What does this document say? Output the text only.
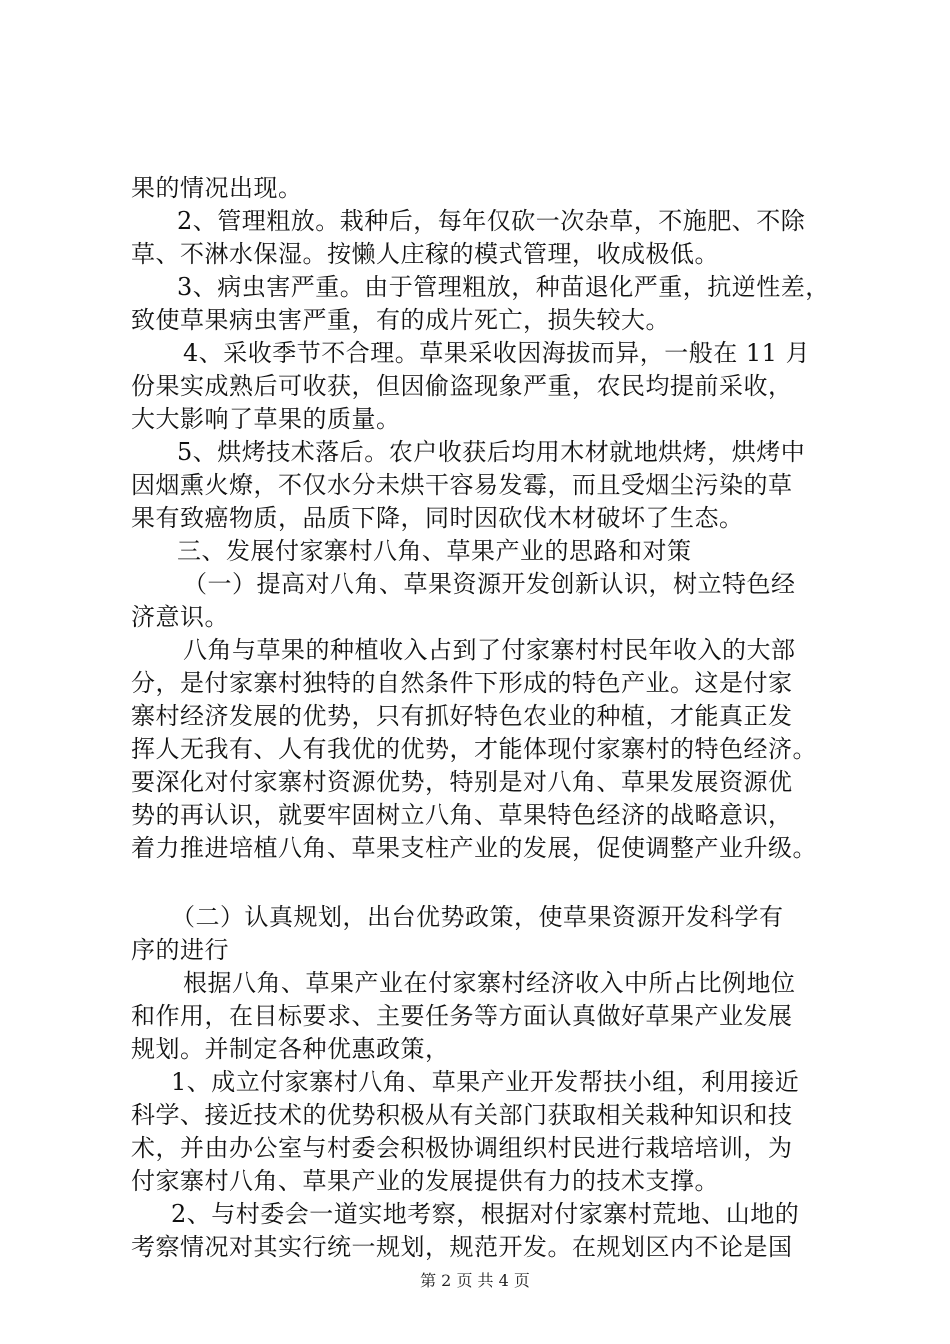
果的情况出现。
2、管理粗放。栽种后，每年仅砍一次杂草，不施肥、不除
草、不淋水保湿。按懒人庄稼的模式管理，收成极低。
3、病虫害严重。由于管理粗放，种苗退化严重，抗逆性差，
致使草果病虫害严重，有的成片死亡，损失较大。
4、采收季节不合理。草果采收因海拔而异，一般在 11 月
份果实成熟后可收获，但因偷盗现象严重，农民均提前采收，
大大影响了草果的质量。
5、烘烤技术落后。农户收获后均用木材就地烘烤，烘烤中
因烟熏火燎，不仅水分未烘干容易发霉，而且受烟尘污染的草
果有致癌物质，品质下降，同时因砍伐木材破坏了生态。
三、发展付家寨村八角、草果产业的思路和对策
（一）提高对八角、草果资源开发创新认识，树立特色经
济意识。
八角与草果的种植收入占到了付家寨村村民年收入的大部
分，是付家寨村独特的自然条件下形成的特色产业。这是付家
寨村经济发展的优势，只有抓好特色农业的种植，才能真正发
挥人无我有、人有我优的优势，才能体现付家寨村的特色经济。
要深化对付家寨村资源优势，特别是对八角、草果发展资源优
势的再认识，就要牢固树立八角、草果特色经济的战略意识，
着力推进培植八角、草果支柱产业的发展，促使调整产业升级。
（二）认真规划，出台优势政策，使草果资源开发科学有
序的进行
根据八角、草果产业在付家寨村经济收入中所占比例地位
和作用，在目标要求、主要任务等方面认真做好草果产业发展
规划。并制定各种优惠政策，
1、成立付家寨村八角、草果产业开发帮扶小组，利用接近
科学、接近技术的优势积极从有关部门获取相关栽种知识和技
术，并由办公室与村委会积极协调组织村民进行栽培培训，为
付家寨村八角、草果产业的发展提供有力的技术支撑。
2、与村委会一道实地考察，根据对付家寨村荒地、山地的
考察情况对其实行统一规划，规范开发。在规划区内不论是国
第 2 页 共 4 页
